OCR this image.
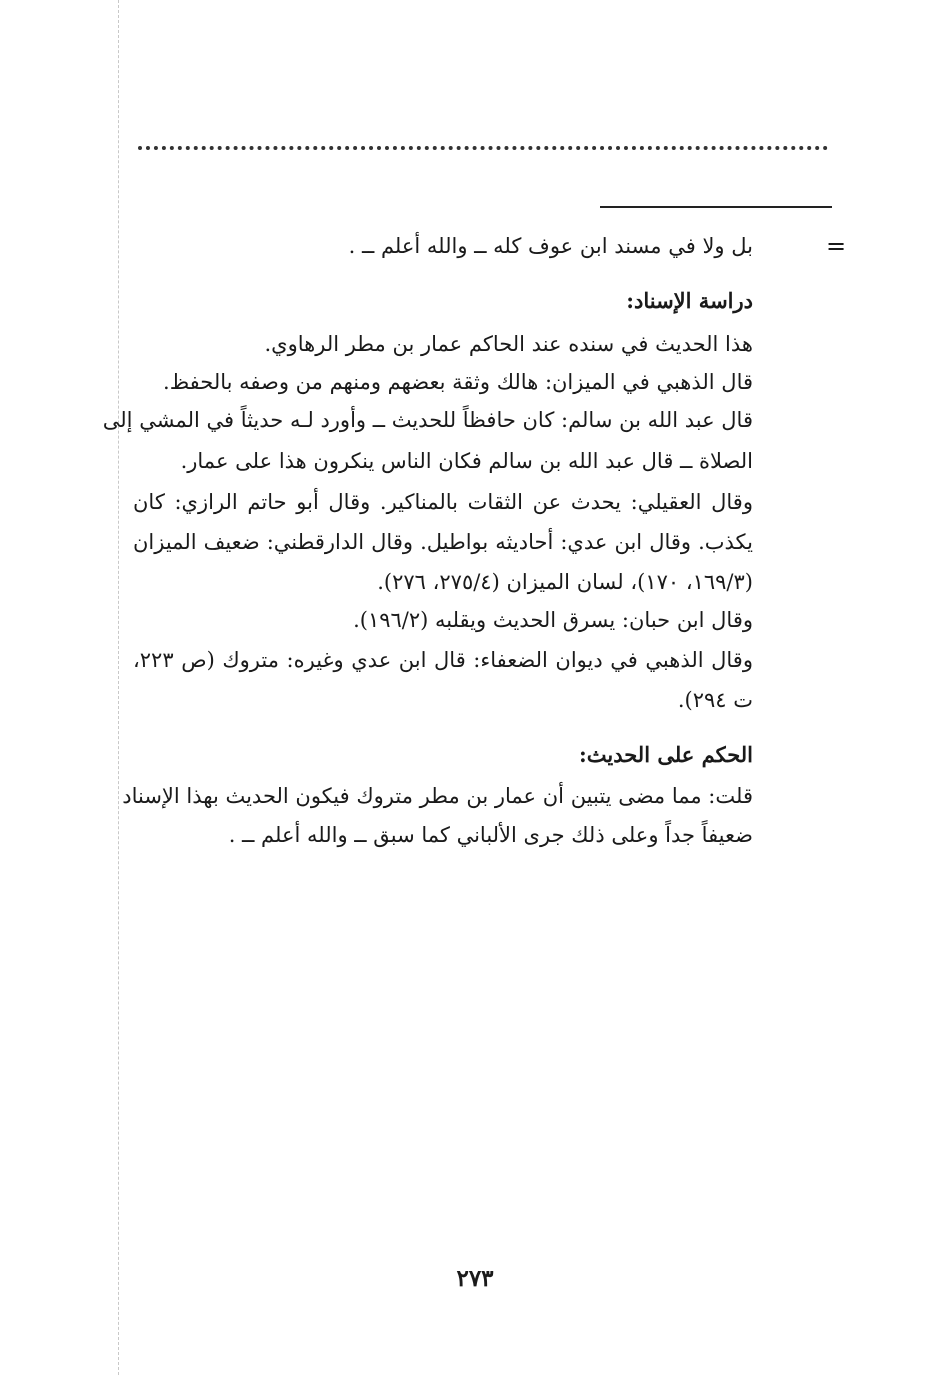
=
بل ولا في مسند ابن عوف كله ــ والله أعلم ــ .
دراسة الإسناد:
هذا الحديث في سنده عند الحاكم عمار بن مطر الرهاوي.
قال الذهبي في الميزان: هالك وثقة بعضهم ومنهم من وصفه بالحفظ.
قال عبد الله بن سالم: كان حافظاً للحديث ــ وأورد لـه حديثاً في المشي إلى
الصلاة ــ قال عبد الله بن سالم فكان الناس ينكرون هذا على عمار.
وقال العقيلي: يحدث عن الثقات بالمناكير. وقال أبو حاتم الرازي: كان
يكذب. وقال ابن عدي: أحاديثه بواطيل. وقال الدارقطني: ضعيف الميزان
(١٦٩/٣، ١٧٠)، لسان الميزان (٢٧٥/٤، ٢٧٦).
وقال ابن حبان: يسرق الحديث ويقلبه (١٩٦/٢).
وقال الذهبي في ديوان الضعفاء: قال ابن عدي وغيره: متروك (ص ٢٢٣،
ت ٢٩٤).
الحكم على الحديث:
قلت: مما مضى يتبين أن عمار بن مطر متروك فيكون الحديث بهذا الإسناد
ضعيفاً جداً وعلى ذلك جرى الألباني كما سبق ــ والله أعلم ــ .
٢٧٣
